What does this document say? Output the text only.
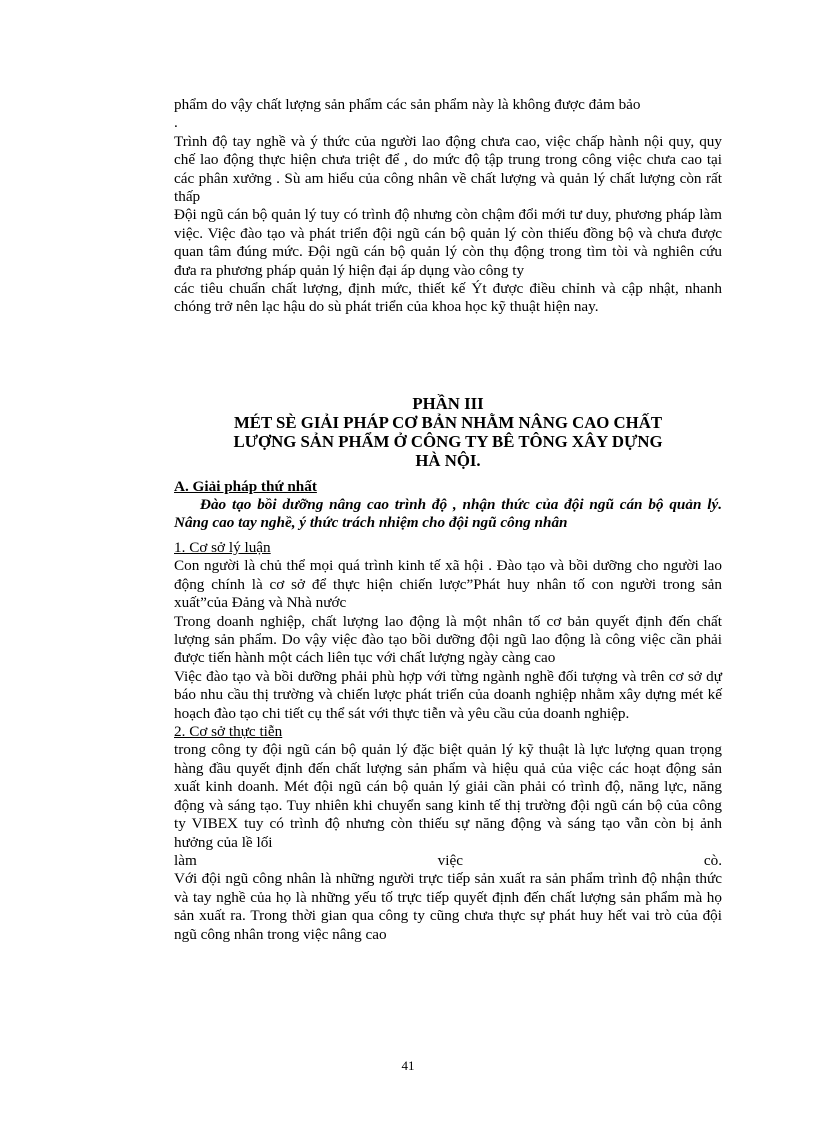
phẩm do vậy chất lượng sản phẩm các sản phẩm này là không được đảm bảo

.

Trình độ tay nghề và ý thức của người lao động chưa cao, việc chấp hành nội quy, quy chế lao động thực hiện chưa triệt để , do mức độ tập trung trong công việc chưa cao tại các phân xưởng . Sù am hiểu của công nhân về chất lượng và quản lý chất lượng còn rất thấp

Đội ngũ cán bộ quản lý tuy có trình độ nhưng còn chậm đổi mới tư duy, phương pháp làm việc. Việc đào tạo và phát triển đội ngũ cán bộ quản lý còn thiếu đồng bộ và chưa được quan tâm đúng mức. Đội ngũ cán bộ quản lý còn thụ động trong tìm tòi và nghiên cứu đưa ra phương pháp quản lý hiện đại áp dụng vào công ty

các tiêu chuẩn chất lượng, định mức, thiết kế Ýt được điều chỉnh và cập nhật, nhanh chóng trở nên lạc hậu do sù phát triển của khoa học kỹ thuật hiện nay.

PHẦN III
MÉT SÈ GIẢI PHÁP CƠ BẢN NHẰM NÂNG CAO CHẤT
LƯỢNG SẢN PHẨM Ở CÔNG TY BÊ TÔNG XÂY DỰNG
HÀ NỘI.
A. Giải pháp thứ nhất
Đào tạo bồi dưỡng nâng cao trình độ , nhận thức của đội ngũ cán bộ quản lý. Nâng cao tay nghề, ý thức trách nhiệm cho đội ngũ công nhân

1. Cơ sở lý luận

Con người là chủ thể mọi quá trình kinh tế xã hội . Đào tạo và bồi dưỡng cho người lao động chính là cơ sở để thực hiện chiến lược”Phát huy nhân tố con người trong sản xuất”của Đảng và Nhà nước

Trong doanh nghiệp, chất lượng lao động là một nhân tố cơ bản quyết định đến chất lượng sản phẩm. Do vậy việc đào tạo bồi dưỡng đội ngũ lao động là công việc cần phải được tiến hành một cách liên tục với chất lượng ngày càng cao

Việc đào tạo và bồi dưỡng phải phù hợp với từng ngành nghề đối tượng và trên cơ sở dự báo nhu cầu thị trường và chiến lược phát triển của doanh nghiệp nhằm xây dựng mét kế hoạch đào tạo chi tiết cụ thể sát với thực tiễn và yêu cầu của doanh nghiệp.

2. Cơ sở thực tiễn

trong công ty đội ngũ cán bộ quản lý đặc biệt quản lý kỹ thuật là lực lượng quan trọng hàng đầu quyết định đến chất lượng sản phẩm và hiệu quả của việc các hoạt động sản xuất kinh doanh. Mét đội ngũ cán bộ quản lý giải cần phải có trình độ, năng lực, năng động và sáng tạo. Tuy nhiên khi chuyển sang kinh tế thị trường đội ngũ cán bộ của công ty VIBEX tuy có trình độ nhưng còn thiếu sự năng động và sáng tạo vẫn còn bị ảnh hưởng của lề lối

làm việc cò.

Với đội ngũ công nhân là những người trực tiếp sản xuất ra sản phẩm trình độ nhận thức và tay nghề của họ là những yếu tố trực tiếp quyết định đến chất lượng sản phẩm mà họ sản xuất ra. Trong thời gian qua công ty cũng chưa thực sự phát huy hết vai trò của đội ngũ công nhân trong việc nâng cao

41
